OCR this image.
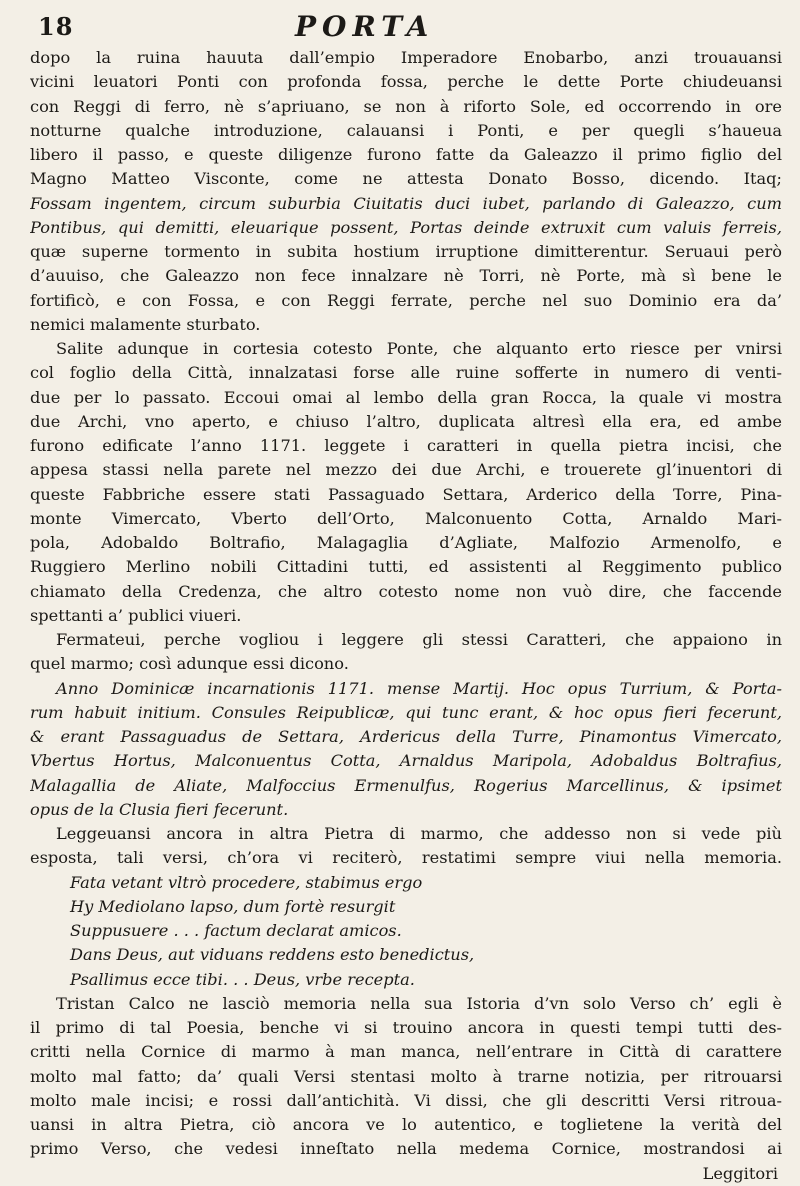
18	PORTA
dopo la ruina hauuta dall’empio Imperadore Enobarbo, anzi trouauansi
vicini leuatori Ponti con profonda fossa, perche le dette Porte chiudeuansi
con Reggi di ferro, nè s’apriuano, se non à riforto Sole, ed occorrendo in ore
notturne qualche introduzione, calauansi i Ponti, e per quegli s’haueua
libero il passo, e queste diligenze furono fatte da Galeazzo il primo figlio del
Magno Matteo Visconte, come ne attesta Donato Bosso, dicendo. Itaq;
Fossam ingentem, circum suburbia Ciuitatis duci iubet, parlando di Galeazzo, cum
Pontibus, qui demitti, eleuarique possent, Portas deinde extruxit cum valuis ferreis,
quæ superne tormento in subita hostium irruptione dimitterentur. Seruaui però
d’auuiso, che Galeazzo non fece innalzare nè Torri, nè Porte, mà sì bene le
fortificò, e con Fossa, e con Reggi ferrate, perche nel suo Dominio era da’
nemici malamente sturbato.
Salite adunque in cortesia cotesto Ponte, che alquanto erto riesce per vnirsi
col foglio della Città, innalzatasi forse alle ruine sofferte in numero di venti-
due per lo passato. Eccoui omai al lembo della gran Rocca, la quale vi mostra
due Archi, vno aperto, e chiuso l’altro, duplicata altresì ella era, ed ambe
furono edificate l’anno 1171. leggete i caratteri in quella pietra incisi, che
appesa stassi nella parete nel mezzo dei due Archi, e trouerete gl’inuentori di
queste Fabbriche essere stati Passaguado Settara, Arderico della Torre, Pina-
monte Vimercato, Vberto dell’Orto, Malconuento Cotta, Arnaldo Mari-
pola, Adobaldo Boltrafio, Malagaglia d’Agliate, Malfozio Armenolfo, e
Ruggiero Merlino nobili Cittadini tutti, ed assistenti al Reggimento publico
chiamato della Credenza, che altro cotesto nome non vuò dire, che faccende
spettanti a’ publici viueri.
Fermateui, perche vogliou i leggere gli stessi Caratteri, che appaiono in
quel marmo; così adunque essi dicono.
Anno Dominicæ incarnationis 1171. mense Martij. Hoc opus Turrium, & Porta-
rum habuit initium. Consules Reipublicæ, qui tunc erant, & hoc opus fieri fecerunt,
& erant Passaguadus de Settara, Ardericus della Turre, Pinamontus Vimercato,
Vbertus Hortus, Malconuentus Cotta, Arnaldus Maripola, Adobaldus Boltrafius,
Malagallia de Aliate, Malfoccius Ermenulfus, Rogerius Marcellinus, & ipsimet
opus de la Clusia fieri fecerunt.
Leggeuansi ancora in altra Pietra di marmo, che addesso non si vede più
esposta, tali versi, ch’ora vi reciterò, restatimi sempre viui nella memoria.
Fata vetant vltrò procedere, stabimus ergo
Hy Mediolano lapso, dum fortè resurgit
Suppusuere . . . factum declarat amicos.
Dans Deus, aut viduans reddens esto benedictus,
Psallimus ecce tibi. . . Deus, vrbe recepta.
Tristan Calco ne lasciò memoria nella sua Istoria d’vn solo Verso ch’ egli è
il primo di tal Poesia, benche vi si trouino ancora in questi tempi tutti des-
critti nella Cornice di marmo à man manca, nell’entrare in Città di carattere
molto mal fatto; da’ quali Versi stentasi molto à trarne notizia, per ritrouarsi
molto male incisi; e rossi dall’antichità. Vi dissi, che gli descritti Versi ritroua-
uansi in altra Pietra, ciò ancora ve lo autentico, e toglietene la verità del
primo Verso, che vedesi inneſtato nella medema Cornice, mostrandosi ai
Leggitori
